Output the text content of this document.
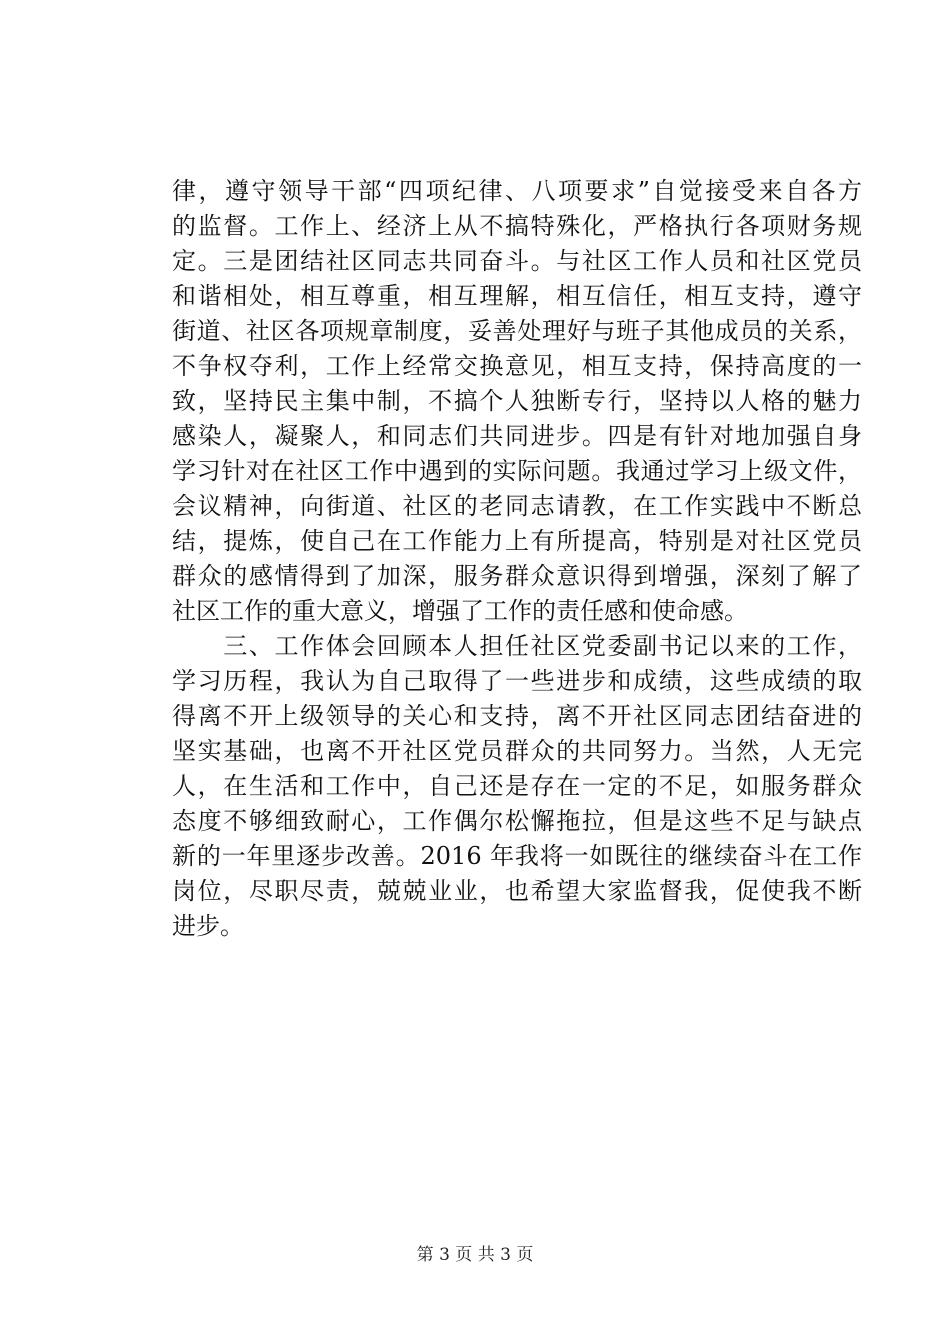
律，遵守领导干部“四项纪律、八项要求”自觉接受来自各方
的监督。工作上、经济上从不搞特殊化，严格执行各项财务规
定。三是团结社区同志共同奋斗。与社区工作人员和社区党员
和谐相处，相互尊重，相互理解，相互信任，相互支持，遵守
街道、社区各项规章制度，妥善处理好与班子其他成员的关系，
不争权夺利，工作上经常交换意见，相互支持，保持高度的一
致，坚持民主集中制，不搞个人独断专行，坚持以人格的魅力
感染人，凝聚人，和同志们共同进步。四是有针对地加强自身
学习针对在社区工作中遇到的实际问题。我通过学习上级文件，
会议精神，向街道、社区的老同志请教，在工作实践中不断总
结，提炼，使自己在工作能力上有所提高，特别是对社区党员
群众的感情得到了加深，服务群众意识得到增强，深刻了解了
社区工作的重大意义，增强了工作的责任感和使命感。
　　三、工作体会回顾本人担任社区党委副书记以来的工作，
学习历程，我认为自己取得了一些进步和成绩，这些成绩的取
得离不开上级领导的关心和支持，离不开社区同志团结奋进的
坚实基础，也离不开社区党员群众的共同努力。当然，人无完
人，在生活和工作中，自己还是存在一定的不足，如服务群众
态度不够细致耐心，工作偶尔松懈拖拉，但是这些不足与缺点
新的一年里逐步改善。2016 年我将一如既往的继续奋斗在工作
岗位，尽职尽责，兢兢业业，也希望大家监督我，促使我不断
进步。
第 3 页 共 3 页
